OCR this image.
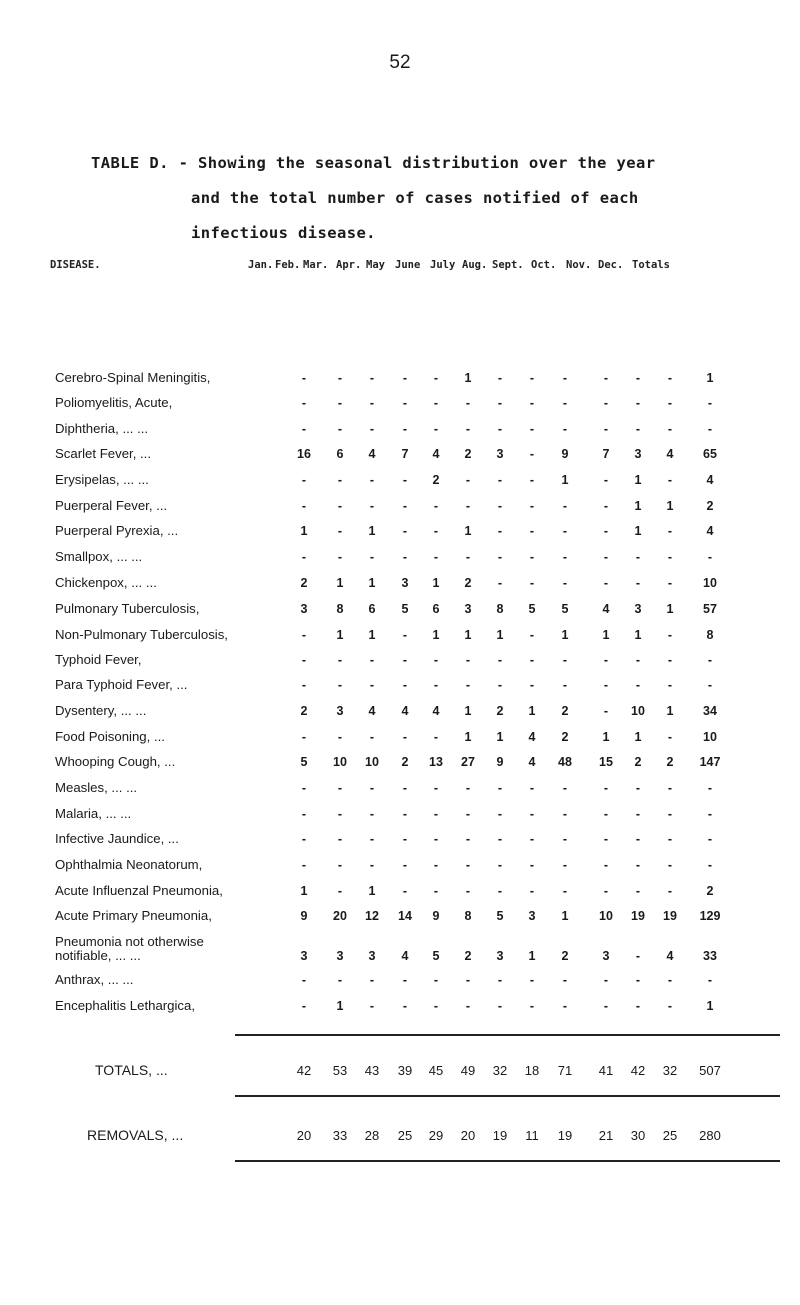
52
TABLE D. - Showing the seasonal distribution over the year
and the total number of cases notified of each
infectious disease.
DISEASE.	Jan. Feb. Mar. Apr. May June July Aug. Sept. Oct. Nov. Dec. Totals
Cerebro-Spinal Meningitis,	-	-	-	-	-	1	-	-	-	-	-	-	1
Poliomyelitis, Acute,	-	-	-	-	-	-	-	-	-	-	-	-	-
Diphtheria, ... ...	-	-	-	-	-	-	-	-	-	-	-	-	-
Scarlet Fever, ...	16	6	4	7	4	2	3	-	9	7	3	4	65
Erysipelas, ... ...	-	-	-	-	2	-	-	-	1	-	1	-	4
Puerperal Fever, ...	-	-	-	-	-	-	-	-	-	-	1	1	2
Puerperal Pyrexia, ...	1	-	1	-	-	1	-	-	-	-	1	-	4
Smallpox, ... ...	-	-	-	-	-	-	-	-	-	-	-	-	-
Chickenpox, ... ...	2	1	1	3	1	2	-	-	-	-	-	-	10
Pulmonary Tuberculosis,	3	8	6	5	6	3	8	5	5	4	3	1	57
Non-Pulmonary Tuberculosis,	-	1	1	-	1	1	1	-	1	1	1	-	8
Typhoid Fever,	-	-	-	-	-	-	-	-	-	-	-	-	-
Para Typhoid Fever, ...	-	-	-	-	-	-	-	-	-	-	-	-	-
Dysentery, ... ...	2	3	4	4	4	1	2	1	2	-	10	1	34
Food Poisoning, ...	-	-	-	-	-	1	1	4	2	1	1	-	10
Whooping Cough, ...	5	10	10	2	13	27	9	4	48	15	2	2	147
Measles, ... ...	-	-	-	-	-	-	-	-	-	-	-	-	-
Malaria, ... ...	-	-	-	-	-	-	-	-	-	-	-	-	-
Infective Jaundice, ...	-	-	-	-	-	-	-	-	-	-	-	-	-
Ophthalmia Neonatorum,	-	-	-	-	-	-	-	-	-	-	-	-	-
Acute Influenzal Pneumonia,	1	-	1	-	-	-	-	-	-	-	-	-	2
Acute Primary Pneumonia,	9	20	12	14	9	8	5	3	1	10	19	19	129
Pneumonia not otherwise
notifiable, ... ...	3	3	3	4	5	2	3	1	2	3	-	4	33
Anthrax, ... ...	-	-	-	-	-	-	-	-	-	-	-	-	-
Encephalitis Lethargica,	-	1	-	-	-	-	-	-	-	-	-	-	1
TOTALS, ...	42	53	43	39	45	49	32	18	71	41	42	32	507
REMOVALS, ...	20	33	28	25	29	20	19	11	19	21	30	25	280
